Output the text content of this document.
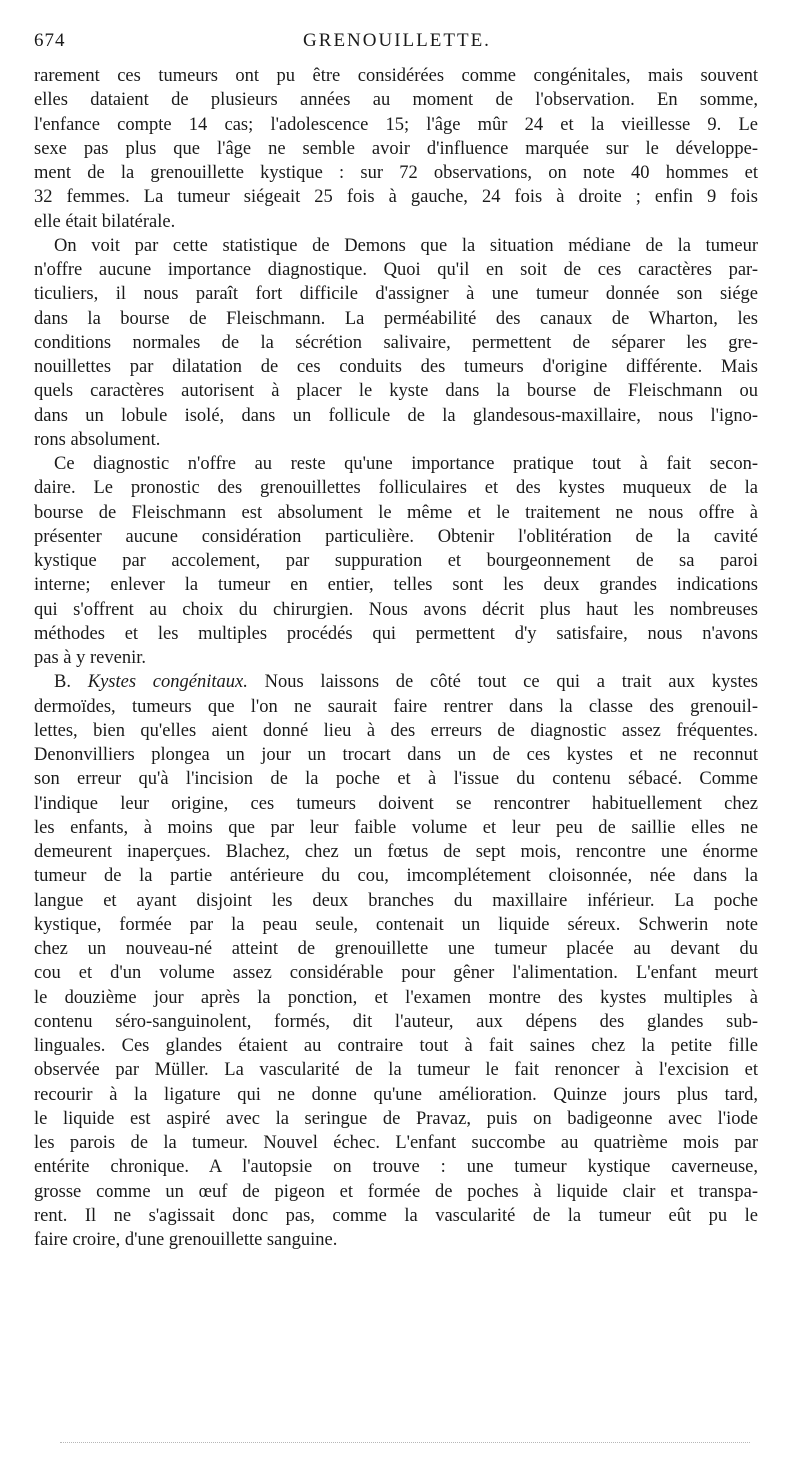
674	GRENOUILLETTE.
rarement ces tumeurs ont pu être considérées comme congénitales, mais souvent
elles dataient de plusieurs années au moment de l'observation. En somme,
l'enfance compte 14 cas; l'adolescence 15; l'âge mûr 24 et la vieillesse 9. Le
sexe pas plus que l'âge ne semble avoir d'influence marquée sur le développe-
ment de la grenouillette kystique : sur 72 observations, on note 40 hommes et
32 femmes. La tumeur siégeait 25 fois à gauche, 24 fois à droite ; enfin 9 fois
elle était bilatérale.
On voit par cette statistique de Demons que la situation médiane de la tumeur
n'offre aucune importance diagnostique. Quoi qu'il en soit de ces caractères par-
ticuliers, il nous paraît fort difficile d'assigner à une tumeur donnée son siége
dans la bourse de Fleischmann. La perméabilité des canaux de Wharton, les
conditions normales de la sécrétion salivaire, permettent de séparer les gre-
nouillettes par dilatation de ces conduits des tumeurs d'origine différente. Mais
quels caractères autorisent à placer le kyste dans la bourse de Fleischmann ou
dans un lobule isolé, dans un follicule de la glandesous-maxillaire, nous l'igno-
rons absolument.
Ce diagnostic n'offre au reste qu'une importance pratique tout à fait secon-
daire. Le pronostic des grenouillettes folliculaires et des kystes muqueux de la
bourse de Fleischmann est absolument le même et le traitement ne nous offre à
présenter aucune considération particulière. Obtenir l'oblitération de la cavité
kystique par accolement, par suppuration et bourgeonnement de sa paroi
interne; enlever la tumeur en entier, telles sont les deux grandes indications
qui s'offrent au choix du chirurgien. Nous avons décrit plus haut les nombreuses
méthodes et les multiples procédés qui permettent d'y satisfaire, nous n'avons
pas à y revenir.
B. Kystes congénitaux. Nous laissons de côté tout ce qui a trait aux kystes
dermoïdes, tumeurs que l'on ne saurait faire rentrer dans la classe des grenouil-
lettes, bien qu'elles aient donné lieu à des erreurs de diagnostic assez fréquentes.
Denonvilliers plongea un jour un trocart dans un de ces kystes et ne reconnut
son erreur qu'à l'incision de la poche et à l'issue du contenu sébacé. Comme
l'indique leur origine, ces tumeurs doivent se rencontrer habituellement chez
les enfants, à moins que par leur faible volume et leur peu de saillie elles ne
demeurent inaperçues. Blachez, chez un fœtus de sept mois, rencontre une énorme
tumeur de la partie antérieure du cou, imcomplétement cloisonnée, née dans la
langue et ayant disjoint les deux branches du maxillaire inférieur. La poche
kystique, formée par la peau seule, contenait un liquide séreux. Schwerin note
chez un nouveau-né atteint de grenouillette une tumeur placée au devant du
cou et d'un volume assez considérable pour gêner l'alimentation. L'enfant meurt
le douzième jour après la ponction, et l'examen montre des kystes multiples à
contenu séro-sanguinolent, formés, dit l'auteur, aux dépens des glandes sub-
linguales. Ces glandes étaient au contraire tout à fait saines chez la petite fille
observée par Müller. La vascularité de la tumeur le fait renoncer à l'excision et
recourir à la ligature qui ne donne qu'une amélioration. Quinze jours plus tard,
le liquide est aspiré avec la seringue de Pravaz, puis on badigeonne avec l'iode
les parois de la tumeur. Nouvel échec. L'enfant succombe au quatrième mois par
entérite chronique. A l'autopsie on trouve : une tumeur kystique caverneuse,
grosse comme un œuf de pigeon et formée de poches à liquide clair et transpa-
rent. Il ne s'agissait donc pas, comme la vascularité de la tumeur eût pu le
faire croire, d'une grenouillette sanguine.
